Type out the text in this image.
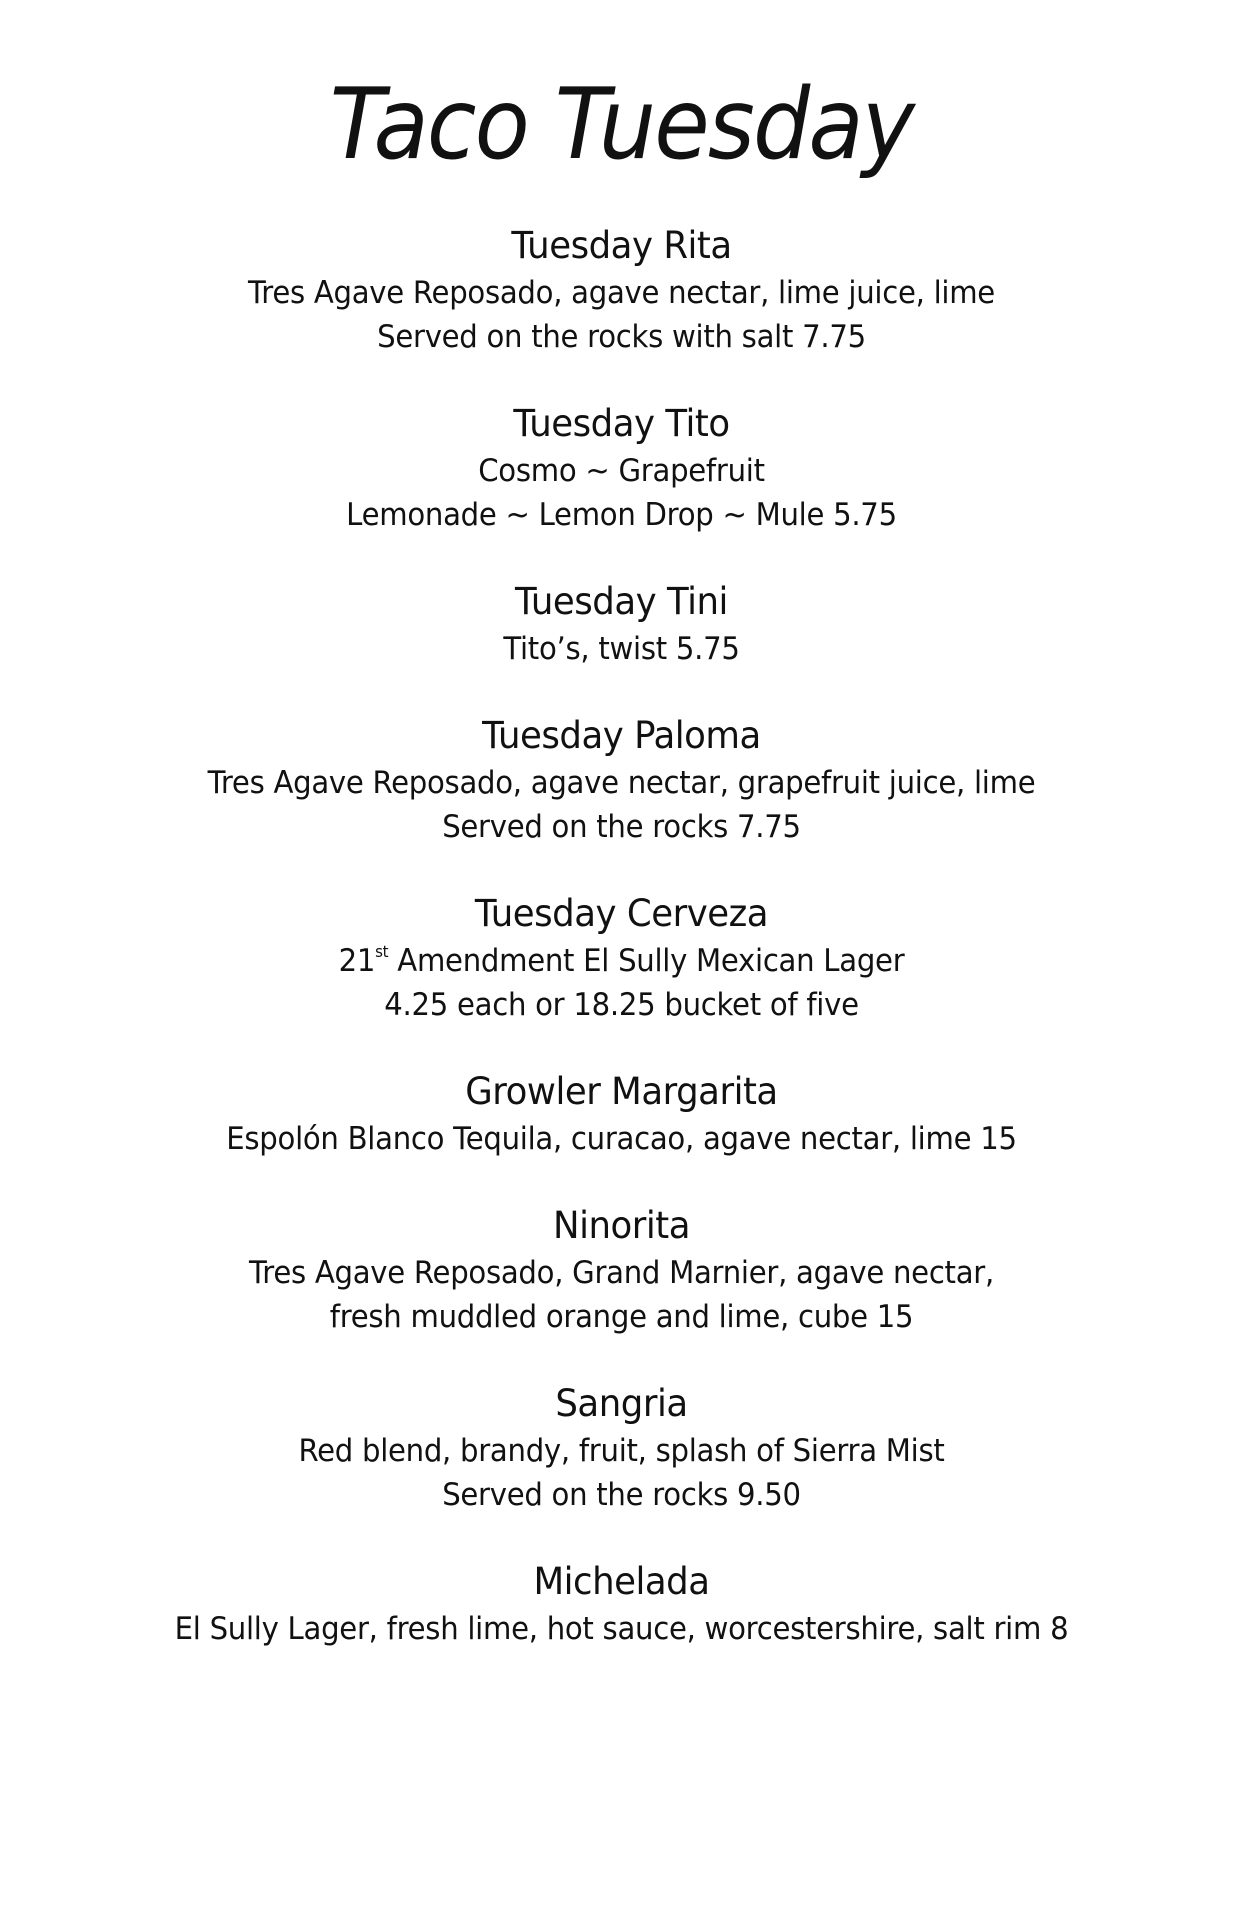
Taco Tuesday
Tuesday Rita
Tres Agave Reposado, agave nectar, lime juice, lime
Served on the rocks with salt 7.75
Tuesday Tito
Cosmo ~ Grapefruit
Lemonade ~ Lemon Drop ~ Mule 5.75
Tuesday Tini
Tito’s, twist 5.75
Tuesday Paloma
Tres Agave Reposado, agave nectar, grapefruit juice, lime
Served on the rocks 7.75
Tuesday Cerveza
21st Amendment El Sully Mexican Lager
4.25 each or 18.25 bucket of five
Growler Margarita
Espolón Blanco Tequila, curacao, agave nectar, lime 15
Ninorita
Tres Agave Reposado, Grand Marnier, agave nectar,
fresh muddled orange and lime, cube 15
Sangria
Red blend, brandy, fruit, splash of Sierra Mist
Served on the rocks 9.50
Michelada
El Sully Lager, fresh lime, hot sauce, worcestershire, salt rim 8
